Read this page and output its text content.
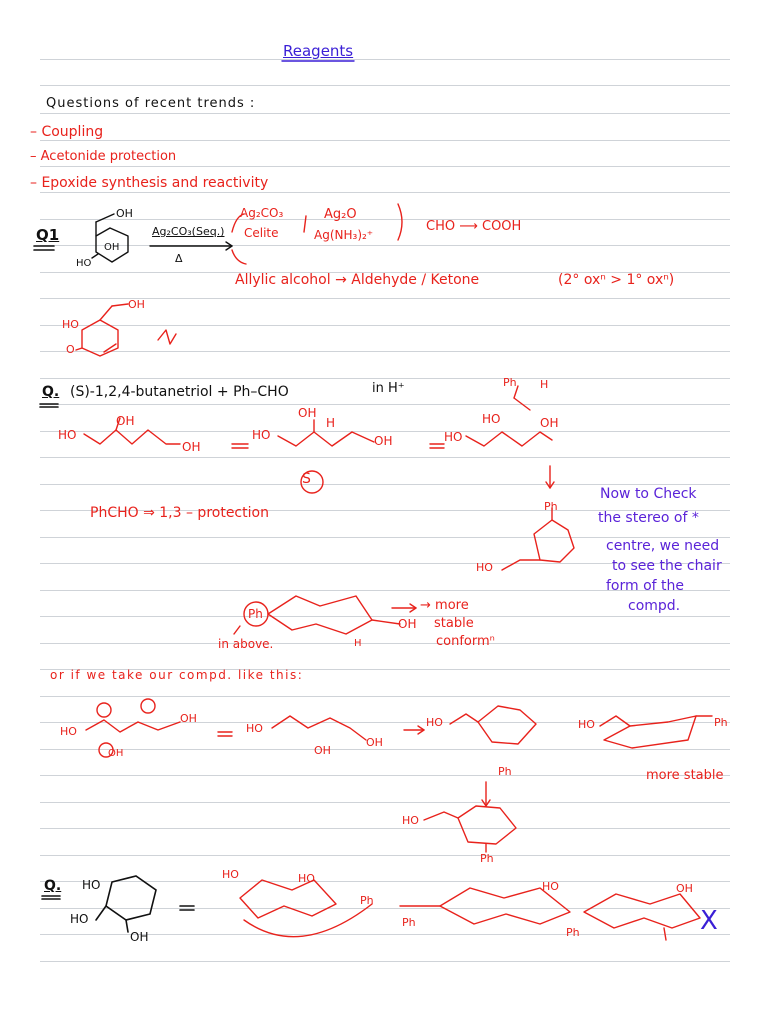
Reagents
Questions of recent trends :
– Coupling
– Acetonide protection
– Epoxide synthesis and reactivity
Q1
OH
OH
HO
Ag₂CO₃(Seq.)
Δ
Ag₂CO₃
Celite
Ag₂O
Ag(NH₃)₂⁺
CHO ⟶ COOH
Allylic alcohol → Aldehyde / Ketone	(2° oxⁿ > 1° oxⁿ)
OH
HO
O
Q. (S)-1,2,4-butanetriol + Ph–CHO	in H⁺
HO
OH
OH
HO
OH
H
OH	HO
HO	OH
Ph H
S
PhCHO ⇒ 1,3 – protection	Ph
HO
Now to Check
the stereo of *
centre, we need
to see the chair
form of the
compd.
Ph
in above.
OH
H
→ more
stable
conformⁿ
or if we take our compd. like this:
HO
OH
OH
HO
OH
OH
HO
Ph
HO	Ph
more stable
HO
Ph
Q. HO
HO
OH
HO	HO
Ph
HO	OH
Ph
Ph	X
